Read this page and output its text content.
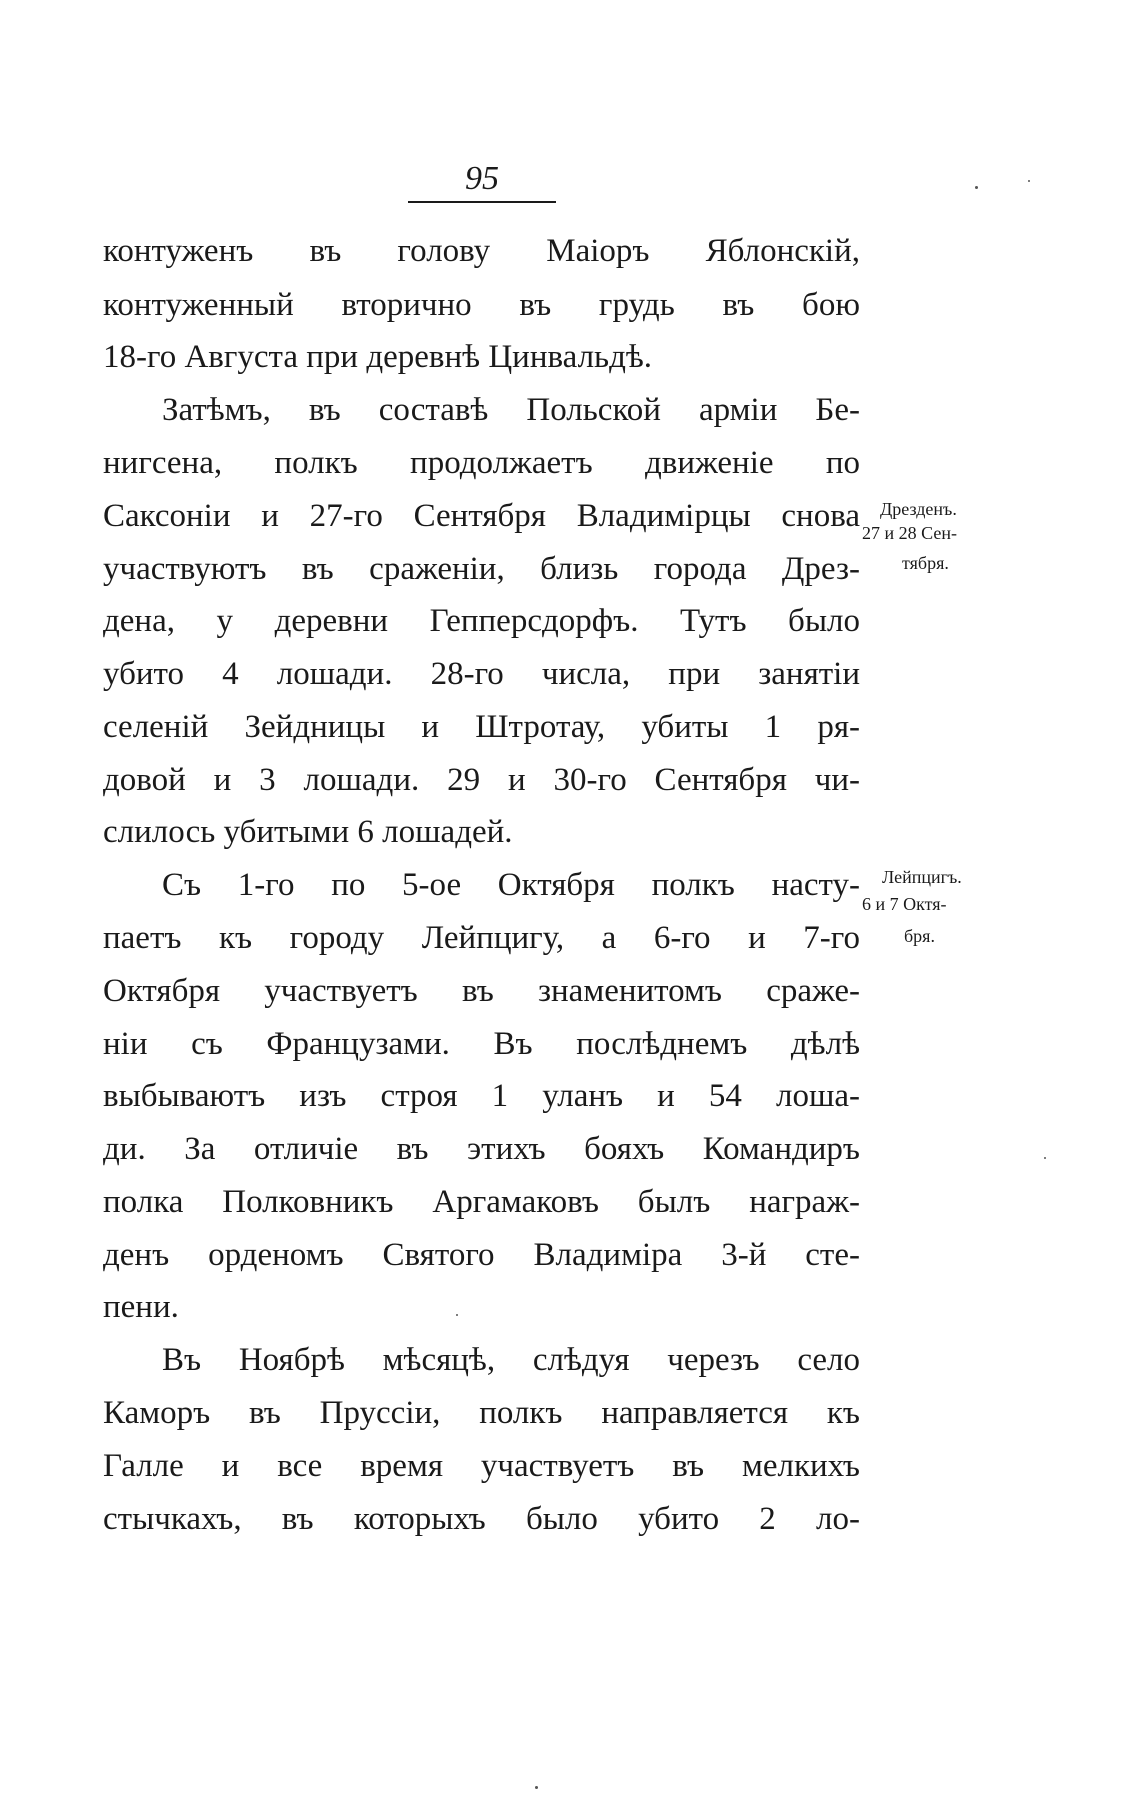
95
контуженъ въ голову Маіоръ Яблонскій,
контуженный вторично въ грудь въ бою
18-го Августа при деревнѣ Цинвальдѣ.
Затѣмъ, въ составѣ Польской арміи Бе-
нигсена, полкъ продолжаетъ движеніе по
Саксоніи и 27-го Сентября Владимірцы снова
участвуютъ въ сраженіи, близь города Дрез-
дена, у деревни Гепперсдорфъ. Тутъ было
убито 4 лошади. 28-го числа, при занятіи
селеній Зейдницы и Штротау, убиты 1 ря-
довой и 3 лошади. 29 и 30-го Сентября чи-
слилось убитыми 6 лошадей.
Съ 1-го по 5-ое Октября полкъ насту-
паетъ къ городу Лейпцигу, а 6-го и 7-го
Октября участвуетъ въ знаменитомъ сраже-
ніи съ Французами. Въ послѣднемъ дѣлѣ
выбываютъ изъ строя 1 уланъ и 54 лоша-
ди. За отличіе въ этихъ бояхъ Командиръ
полка Полковникъ Аргамаковъ былъ награж-
денъ орденомъ Святого Владиміра 3-й сте-
пени.
Въ Ноябрѣ мѣсяцѣ, слѣдуя черезъ село
Каморъ въ Пруссіи, полкъ направляется къ
Галле и все время участвуетъ въ мелкихъ
стычкахъ, въ которыхъ было убито 2 ло-
Дрезденъ.
27 и 28 Сен-
тября.
Лейпцигъ.
6 и 7 Октя-
бря.
